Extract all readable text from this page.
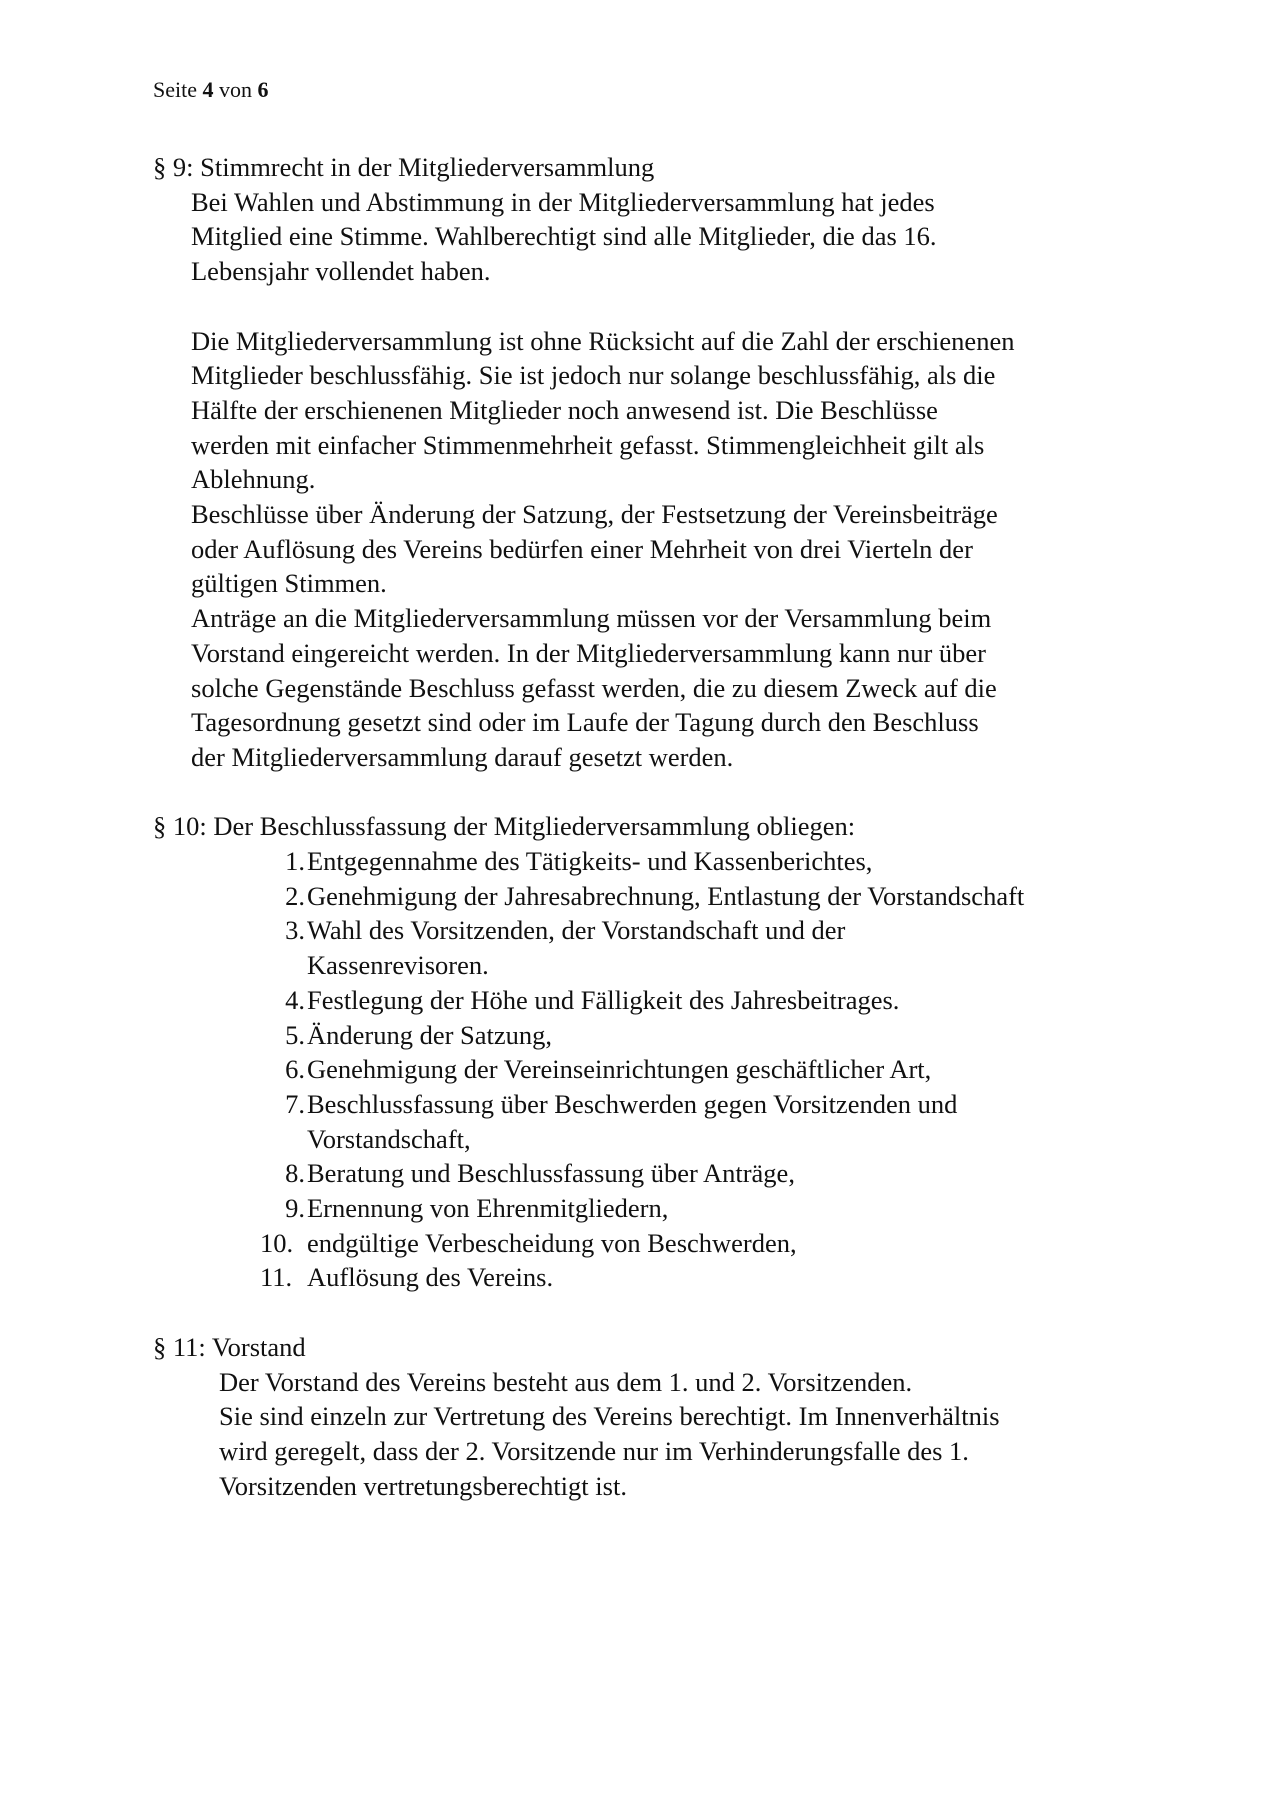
Seite 4 von 6
§ 9: Stimmrecht in der Mitgliederversammlung
Bei Wahlen und Abstimmung in der Mitgliederversammlung hat jedes
Mitglied eine Stimme. Wahlberechtigt sind alle Mitglieder, die das 16.
Lebensjahr vollendet haben.
Die Mitgliederversammlung ist ohne Rücksicht auf die Zahl der erschienenen
Mitglieder beschlussfähig. Sie ist jedoch nur solange beschlussfähig, als die
Hälfte der erschienenen Mitglieder noch anwesend ist. Die Beschlüsse
werden mit einfacher Stimmenmehrheit gefasst. Stimmengleichheit gilt als
Ablehnung.
Beschlüsse über Änderung der Satzung, der Festsetzung der Vereinsbeiträge
oder Auflösung des Vereins bedürfen einer Mehrheit von drei Vierteln der
gültigen Stimmen.
Anträge an die Mitgliederversammlung müssen vor der Versammlung beim
Vorstand eingereicht werden. In der Mitgliederversammlung kann nur über
solche Gegenstände Beschluss gefasst werden, die zu diesem Zweck auf die
Tagesordnung gesetzt sind oder im Laufe der Tagung durch den Beschluss
der Mitgliederversammlung darauf gesetzt werden.
§ 10: Der Beschlussfassung der Mitgliederversammlung obliegen:
1. Entgegennahme des Tätigkeits- und Kassenberichtes,
2. Genehmigung der Jahresabrechnung, Entlastung der Vorstandschaft
3. Wahl des Vorsitzenden, der Vorstandschaft und der
Kassenrevisoren.
4. Festlegung der Höhe und Fälligkeit des Jahresbeitrages.
5. Änderung der Satzung,
6. Genehmigung der Vereinseinrichtungen geschäftlicher Art,
7. Beschlussfassung über Beschwerden gegen Vorsitzenden und
Vorstandschaft,
8. Beratung und Beschlussfassung über Anträge,
9. Ernennung von Ehrenmitgliedern,
10. endgültige Verbescheidung von Beschwerden,
11. Auflösung des Vereins.
§ 11: Vorstand
Der Vorstand des Vereins besteht aus dem 1. und 2. Vorsitzenden.
Sie sind einzeln zur Vertretung des Vereins berechtigt. Im Innenverhältnis
wird geregelt, dass der 2. Vorsitzende nur im Verhinderungsfalle des 1.
Vorsitzenden vertretungsberechtigt ist.
